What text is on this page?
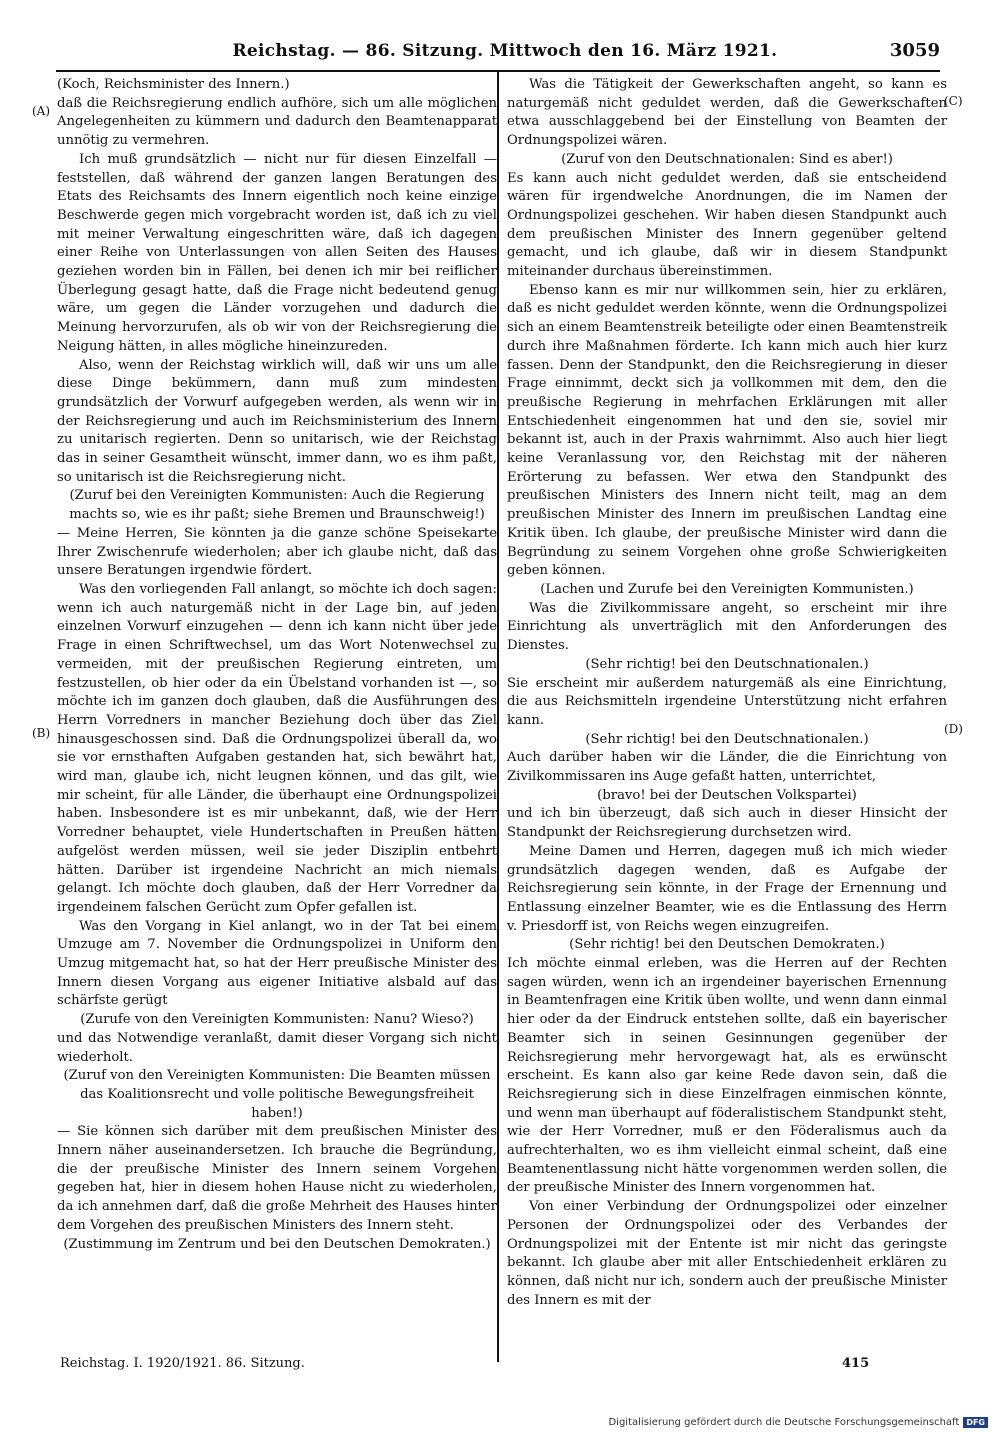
Reichstag. — 86. Sitzung. Mittwoch den 16. März 1921.	3059
(A)
(B)
(C)
(D)

(Koch, Reichsminister des Innern.)

daß die Reichsregierung endlich aufhöre, sich um alle möglichen Angelegenheiten zu kümmern und dadurch den Beamtenapparat unnötig zu vermehren.

Ich muß grundsätzlich — nicht nur für diesen Einzelfall — feststellen, daß während der ganzen langen Beratungen des Etats des Reichsamts des Innern eigentlich noch keine einzige Beschwerde gegen mich vorgebracht worden ist, daß ich zu viel mit meiner Verwaltung eingeschritten wäre, daß ich dagegen einer Reihe von Unterlassungen von allen Seiten des Hauses geziehen worden bin in Fällen, bei denen ich mir bei reiflicher Überlegung gesagt hatte, daß die Frage nicht bedeutend genug wäre, um gegen die Länder vorzugehen und dadurch die Meinung hervorzurufen, als ob wir von der Reichsregierung die Neigung hätten, in alles mögliche hineinzureden.

Also, wenn der Reichstag wirklich will, daß wir uns um alle diese Dinge bekümmern, dann muß zum mindesten grundsätzlich der Vorwurf aufgegeben werden, als wenn wir in der Reichsregierung und auch im Reichsministerium des Innern zu unitarisch regierten. Denn so unitarisch, wie der Reichstag das in seiner Gesamtheit wünscht, immer dann, wo es ihm paßt, so unitarisch ist die Reichsregierung nicht.

(Zuruf bei den Vereinigten Kommunisten: Auch die Regierung machts so, wie es ihr paßt; siehe Bremen und Braunschweig!)

— Meine Herren, Sie könnten ja die ganze schöne Speisekarte Ihrer Zwischenrufe wiederholen; aber ich glaube nicht, daß das unsere Beratungen irgendwie fördert.

Was den vorliegenden Fall anlangt, so möchte ich doch sagen: wenn ich auch naturgemäß nicht in der Lage bin, auf jeden einzelnen Vorwurf einzugehen — denn ich kann nicht über jede Frage in einen Schriftwechsel, um das Wort Notenwechsel zu vermeiden, mit der preußischen Regierung eintreten, um festzustellen, ob hier oder da ein Übelstand vorhanden ist —, so möchte ich im ganzen doch glauben, daß die Ausführungen des Herrn Vorredners in mancher Beziehung doch über das Ziel hinausgeschossen sind. Daß die Ordnungspolizei überall da, wo sie vor ernsthaften Aufgaben gestanden hat, sich bewährt hat, wird man, glaube ich, nicht leugnen können, und das gilt, wie mir scheint, für alle Länder, die überhaupt eine Ordnungspolizei haben. Insbesondere ist es mir unbekannt, daß, wie der Herr Vorredner behauptet, viele Hundertschaften in Preußen hätten aufgelöst werden müssen, weil sie jeder Disziplin entbehrt hätten. Darüber ist irgendeine Nachricht an mich niemals gelangt. Ich möchte doch glauben, daß der Herr Vorredner da irgendeinem falschen Gerücht zum Opfer gefallen ist.

Was den Vorgang in Kiel anlangt, wo in der Tat bei einem Umzuge am 7. November die Ordnungspolizei in Uniform den Umzug mitgemacht hat, so hat der Herr preußische Minister des Innern diesen Vorgang aus eigener Initiative alsbald auf das schärfste gerügt

(Zurufe von den Vereinigten Kommunisten: Nanu? Wieso?)

und das Notwendige veranlaßt, damit dieser Vorgang sich nicht wiederholt.

(Zuruf von den Vereinigten Kommunisten: Die Beamten müssen das Koalitionsrecht und volle politische Bewegungsfreiheit haben!)

— Sie können sich darüber mit dem preußischen Minister des Innern näher auseinandersetzen. Ich brauche die Begründung, die der preußische Minister des Innern seinem Vorgehen gegeben hat, hier in diesem hohen Hause nicht zu wiederholen, da ich annehmen darf, daß die große Mehrheit des Hauses hinter dem Vorgehen des preußischen Ministers des Innern steht.

(Zustimmung im Zentrum und bei den Deutschen Demokraten.)

Was die Tätigkeit der Gewerkschaften angeht, so kann es naturgemäß nicht geduldet werden, daß die Gewerkschaften etwa ausschlaggebend bei der Einstellung von Beamten der Ordnungspolizei wären.

(Zuruf von den Deutschnationalen: Sind es aber!)

Es kann auch nicht geduldet werden, daß sie entscheidend wären für irgendwelche Anordnungen, die im Namen der Ordnungspolizei geschehen. Wir haben diesen Standpunkt auch dem preußischen Minister des Innern gegenüber geltend gemacht, und ich glaube, daß wir in diesem Standpunkt miteinander durchaus übereinstimmen.

Ebenso kann es mir nur willkommen sein, hier zu erklären, daß es nicht geduldet werden könnte, wenn die Ordnungspolizei sich an einem Beamtenstreik beteiligte oder einen Beamtenstreik durch ihre Maßnahmen förderte. Ich kann mich auch hier kurz fassen. Denn der Standpunkt, den die Reichsregierung in dieser Frage einnimmt, deckt sich ja vollkommen mit dem, den die preußische Regierung in mehrfachen Erklärungen mit aller Entschiedenheit eingenommen hat und den sie, soviel mir bekannt ist, auch in der Praxis wahrnimmt. Also auch hier liegt keine Veranlassung vor, den Reichstag mit der näheren Erörterung zu befassen. Wer etwa den Standpunkt des preußischen Ministers des Innern nicht teilt, mag an dem preußischen Minister des Innern im preußischen Landtag eine Kritik üben. Ich glaube, der preußische Minister wird dann die Begründung zu seinem Vorgehen ohne große Schwierigkeiten geben können.

(Lachen und Zurufe bei den Vereinigten Kommunisten.)

Was die Zivilkommissare angeht, so erscheint mir ihre Einrichtung als unverträglich mit den Anforderungen des Dienstes.

(Sehr richtig! bei den Deutschnationalen.)

Sie erscheint mir außerdem naturgemäß als eine Einrichtung, die aus Reichsmitteln irgendeine Unterstützung nicht erfahren kann.

(Sehr richtig! bei den Deutschnationalen.)

Auch darüber haben wir die Länder, die die Einrichtung von Zivilkommissaren ins Auge gefaßt hatten, unterrichtet,

(bravo! bei der Deutschen Volkspartei)

und ich bin überzeugt, daß sich auch in dieser Hinsicht der Standpunkt der Reichsregierung durchsetzen wird.

Meine Damen und Herren, dagegen muß ich mich wieder grundsätzlich dagegen wenden, daß es Aufgabe der Reichsregierung sein könnte, in der Frage der Ernennung und Entlassung einzelner Beamter, wie es die Entlassung des Herrn v. Priesdorff ist, von Reichs wegen einzugreifen.

(Sehr richtig! bei den Deutschen Demokraten.)

Ich möchte einmal erleben, was die Herren auf der Rechten sagen würden, wenn ich an irgendeiner bayerischen Ernennung in Beamtenfragen eine Kritik üben wollte, und wenn dann einmal hier oder da der Eindruck entstehen sollte, daß ein bayerischer Beamter sich in seinen Gesinnungen gegenüber der Reichsregierung mehr hervorgewagt hat, als es erwünscht erscheint. Es kann also gar keine Rede davon sein, daß die Reichsregierung sich in diese Einzelfragen einmischen könnte, und wenn man überhaupt auf föderalistischem Standpunkt steht, wie der Herr Vorredner, muß er den Föderalismus auch da aufrechterhalten, wo es ihm vielleicht einmal scheint, daß eine Beamtenentlassung nicht hätte vorgenommen werden sollen, die der preußische Minister des Innern vorgenommen hat.

Von einer Verbindung der Ordnungspolizei oder einzelner Personen der Ordnungspolizei oder des Verbandes der Ordnungspolizei mit der Entente ist mir nicht das geringste bekannt. Ich glaube aber mit aller Entschiedenheit erklären zu können, daß nicht nur ich, sondern auch der preußische Minister des Innern es mit der

Reichstag. I. 1920/1921. 86. Sitzung.	415
Digitalisierung gefördert durch die Deutsche Forschungsgemeinschaft DFG
